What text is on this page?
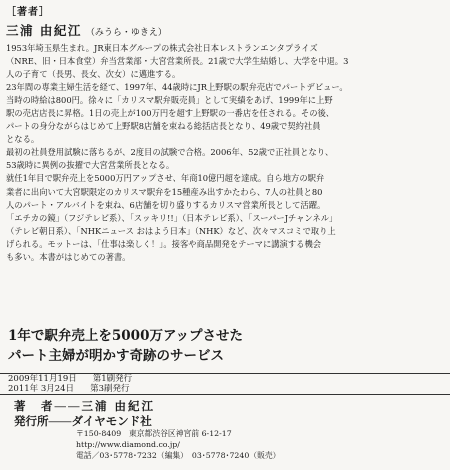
［著者］
三浦 由紀江 （みうら・ゆきえ）

1953年埼玉県生まれ。JR東日本グループの株式会社日本レストランエンタプライズ

（NRE、旧・日本食堂）弁当営業部・大宮営業所長。21歳で大学生結婚し、大学を中退。3

人の子育て（長男、長女、次女）に邁進する。

23年間の専業主婦生活を経て、1997年、44歳時にJR上野駅の駅弁売店でパートデビュー。

当時の時給は800円。徐々に「カリスマ駅弁販売員」として実績をあげ、1999年に上野

駅の売店店長に昇格。1日の売上が100万円を超す上野駅の一番店を任される。その後、

パートの身分ながらはじめて上野駅8店舗を束ねる総括店長となり、49歳で契約社員

となる。

最初の社員登用試験に落ちるが、2度目の試験で合格。2006年、52歳で正社員となり、

53歳時に異例の抜擢で大宮営業所長となる。

就任1年目で駅弁売上を5000万円アップさせ、年商10億円超を達成。自ら地方の駅弁

業者に出向いて大宮駅限定のカリスマ駅弁を15種産み出すかたわら、7人の社員と80

人のパート・アルバイトを束ね、6店舗を切り盛りするカリスマ営業所長として活躍。

「エチカの鏡」（フジテレビ系）、「スッキリ!!」（日本テレビ系）、「スーパーJチャンネル」

（テレビ朝日系）、「NHKニュース おはよう日本」（NHK）など、次々マスコミで取り上

げられる。モットーは、「仕事は楽しく！」。接客や商品開発をテーマに講演する機会

も多い。本書がはじめての著書。

1年で駅弁売上を5000万アップさせた

パート主婦が明かす奇跡のサービス

2009年11月19日 第1刷発行

2011年 3月24日 第3刷発行

著　者――三浦 由紀江
発行所――ダイヤモンド社

〒150-8409　東京都渋谷区神宮前 6-12-17

http://www.diamond.co.jp/

電話／03･5778･7232（編集）　03･5778･7240（販売）
